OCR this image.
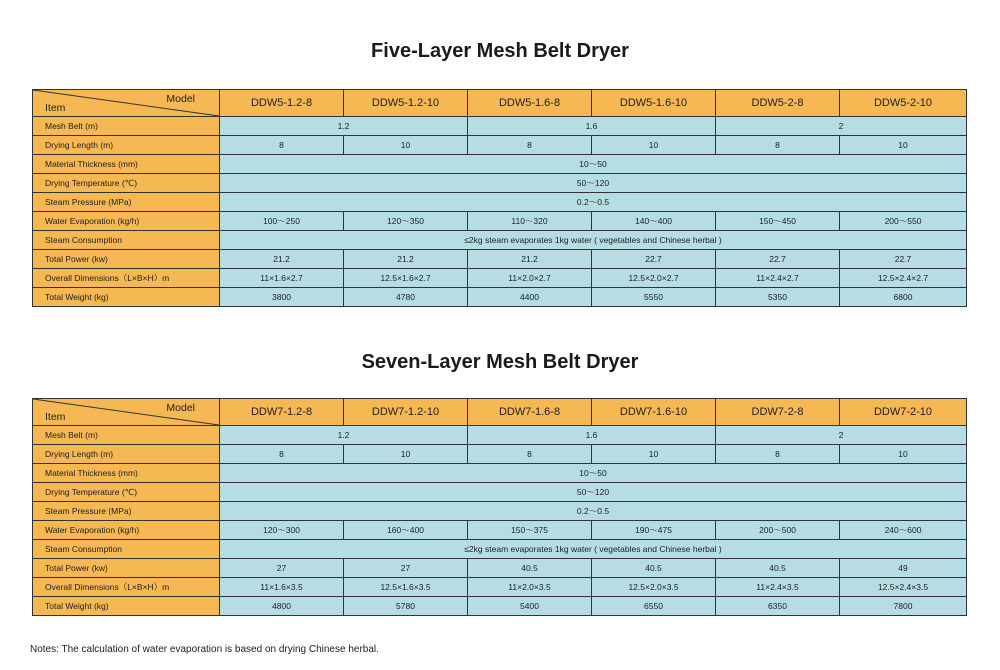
Five-Layer Mesh Belt Dryer
Model
Item	DDW5-1.2-8	DDW5-1.2-10	DDW5-1.6-8	DDW5-1.6-10	DDW5-2-8	DDW5-2-10
Mesh Belt (m)	1.2		1.6		2	
Drying Length (m)	8	10	8	10	8	10
Material Thickness (mm)	10～50					
Drying Temperature (℃)	50～120					
Steam Pressure (MPa)	0.2～0.5					
Water Evaporation (kg/h)	100～250	120～350	110～320	140～400	150～450	200～550
Steam Consumption	≤2kg steam evaporates 1kg water ( vegetables and Chinese herbal )					
Total Power (kw)	21.2	21.2	21.2	22.7	22.7	22.7
Overall Dimensions（L×B×H）m	11×1.6×2.7	12.5×1.6×2.7	11×2.0×2.7	12.5×2.0×2.7	11×2.4×2.7	12.5×2.4×2.7
Total Weight (kg)	3800	4780	4400	5550	5350	6800
Seven-Layer Mesh Belt Dryer
Model
Item	DDW7-1.2-8	DDW7-1.2-10	DDW7-1.6-8	DDW7-1.6-10	DDW7-2-8	DDW7-2-10
Mesh Belt (m)	1.2		1.6		2	
Drying Length (m)	8	10	8	10	8	10
Material Thickness (mm)	10～50					
Drying Temperature (℃)	50～120					
Steam Pressure (MPa)	0.2～0.5					
Water Evaporation (kg/h)	120～300	160～400	150～375	190～475	200～500	240～600
Steam Consumption	≤2kg steam evaporates 1kg water ( vegetables and Chinese herbal )					
Total Power (kw)	27	27	40.5	40.5	40.5	49
Overall Dimensions（L×B×H）m	11×1.6×3.5	12.5×1.6×3.5	11×2.0×3.5	12.5×2.0×3.5	11×2.4×3.5	12.5×2.4×3.5
Total Weight (kg)	4800	5780	5400	6550	6350	7800
Notes: The calculation of water evaporation is based on drying Chinese herbal.
